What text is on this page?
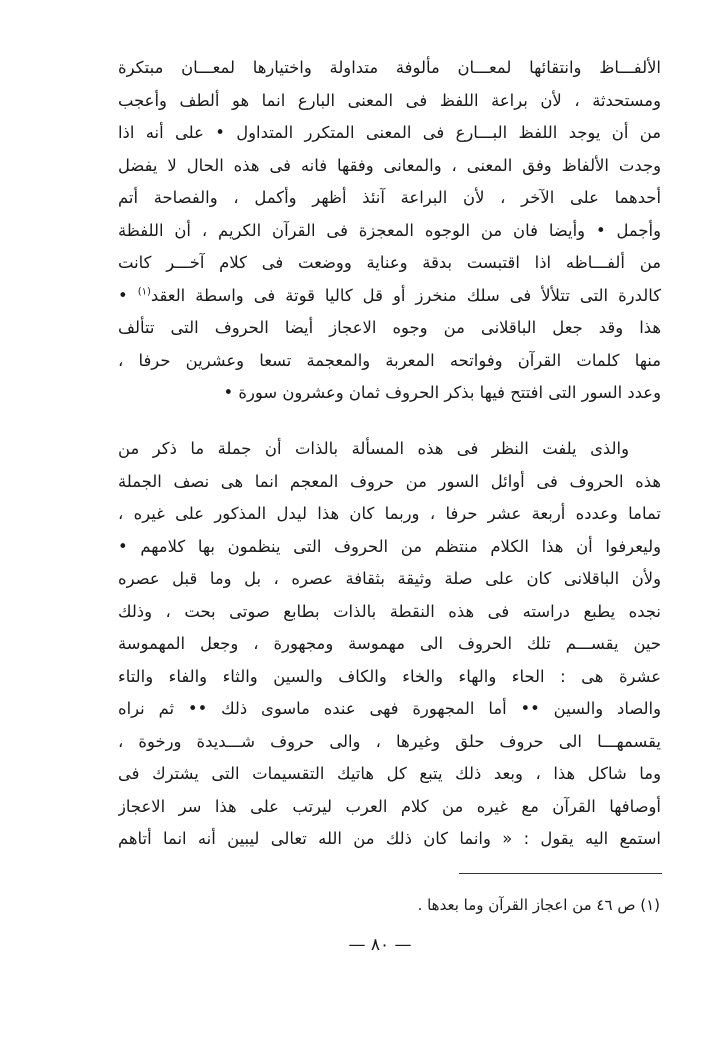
الألفـــاظ وانتقائها لمعـــان مألوفة متداولة واختيارها لمعـــان مبتكرة
ومستحدثة ، لأن براعة اللفظ فى المعنى البارع انما هو ألطف وأعجب
من أن يوجد اللفظ البـــارع فى المعنى المتكرر المتداول • على أنه اذا
وجدت الألفاظ وفق المعنى ، والمعانى وفقها فانه فى هذه الحال لا يفضل
أحدهما على الآخر ، لأن البراعة آنئذ أظهر وأكمل ، والفصاحة أتم
وأجمل • وأيضا فان من الوجوه المعجزة فى القرآن الكريم ، أن اللفظة
من ألفـــاظه اذا اقتبست بدقة وعناية ووضعت فى كلام آخـــر كانت
كالدرة التى تتلألأ فى سلك منخرز أو قل كاليا قوتة فى واسطة العقد$^{(١)}$ •
هذا وقد جعل الباقلانى من وجوه الاعجاز أيضا الحروف التى تتألف
منها كلمات القرآن وفواتحه المعربة والمعجمة تسعا وعشرين حرفا ،
وعدد السور التى افتتح فيها بذكر الحروف ثمان وعشرون سورة •
والذى يلفت النظر فى هذه المسألة بالذات أن جملة ما ذكر من
هذه الحروف فى أوائل السور من حروف المعجم انما هى نصف الجملة
تماما وعدده أربعة عشر حرفا ، وربما كان هذا ليدل المذكور على غيره ،
وليعرفوا أن هذا الكلام منتظم من الحروف التى ينظمون بها كلامهم •
ولأن الباقلانى كان على صلة وثيقة بثقافة عصره ، بل وما قبل عصره
نجده يطبع دراسته فى هذه النقطة بالذات بطابع صوتى بحت ، وذلك
حين يقســـم تلك الحروف الى مهموسة ومجهورة ، وجعل المهموسة
عشرة هى : الحاء والهاء والخاء والكاف والسين والثاء والفاء والتاء
والصاد والسين •• أما المجهورة فهى عنده ماسوى ذلك •• ثم نراه
يقسمهـــا الى حروف حلق وغيرها ، والى حروف شـــديدة ورخوة ،
وما شاكل هذا ، وبعد ذلك يتبع كل هاتيك التقسيمات التى يشترك فى
أوصافها القرآن مع غيره من كلام العرب ليرتب على هذا سر الاعجاز
استمع اليه يقول : « وانما كان ذلك من الله تعالى ليبين أنه انما أتاهم
(١) ص ٤٦ من اعجاز القرآن وما بعدها .
— ٨٠ —
